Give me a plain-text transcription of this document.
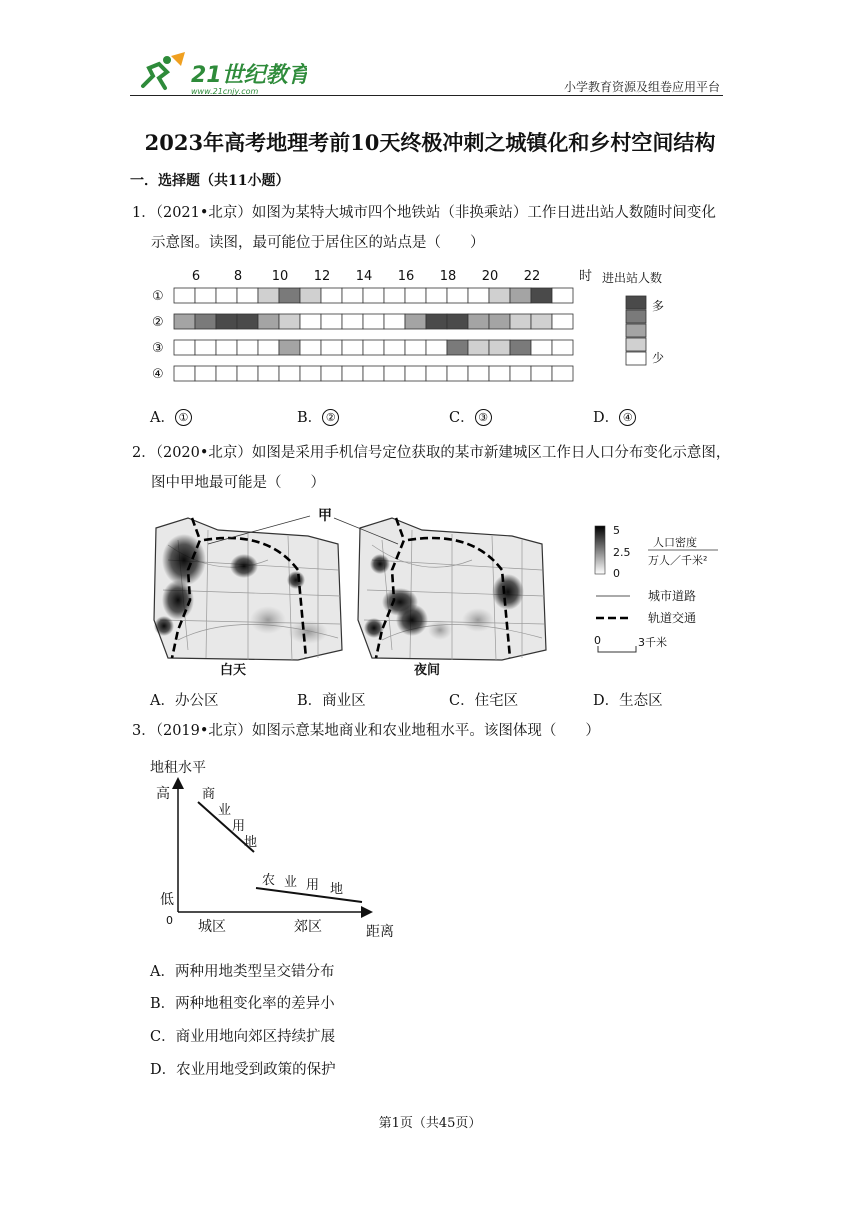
21世纪教育
www.21cnjy.com	小学教育资源及组卷应用平台
2023年高考地理考前10天终极冲刺之城镇化和乡村空间结构
一．选择题（共11小题）
1．（2021•北京）如图为某特大城市四个地铁站（非换乘站）工作日进出站人数随时间变化
示意图。读图，最可能位于居住区的站点是（　　）
6	8 10 12 14 16 18 20 22	时
①
②
③
④
进出站人数
多
少
A． ①	B． ②	C． ③	D． ④
2．（2020•北京）如图是采用手机信号定位获取的某市新建城区工作日人口分布变化示意图，
图中甲地最可能是（　　）
白天	夜间
甲
5
2.5
0
人口密度
万人／千米²
城市道路
轨道交通
0	3千米
A．办公区	B．商业区	C．住宅区	D．生态区
3．（2019•北京）如图示意某地商业和农业地租水平。该图体现（　　）
地租水平
高
低
0 城区	郊区	距离
商
业
用
地
农 业 用 地
A．两种用地类型呈交错分布
B．两种地租变化率的差异小
C．商业用地向郊区持续扩展
D．农业用地受到政策的保护
第1页（共45页）
